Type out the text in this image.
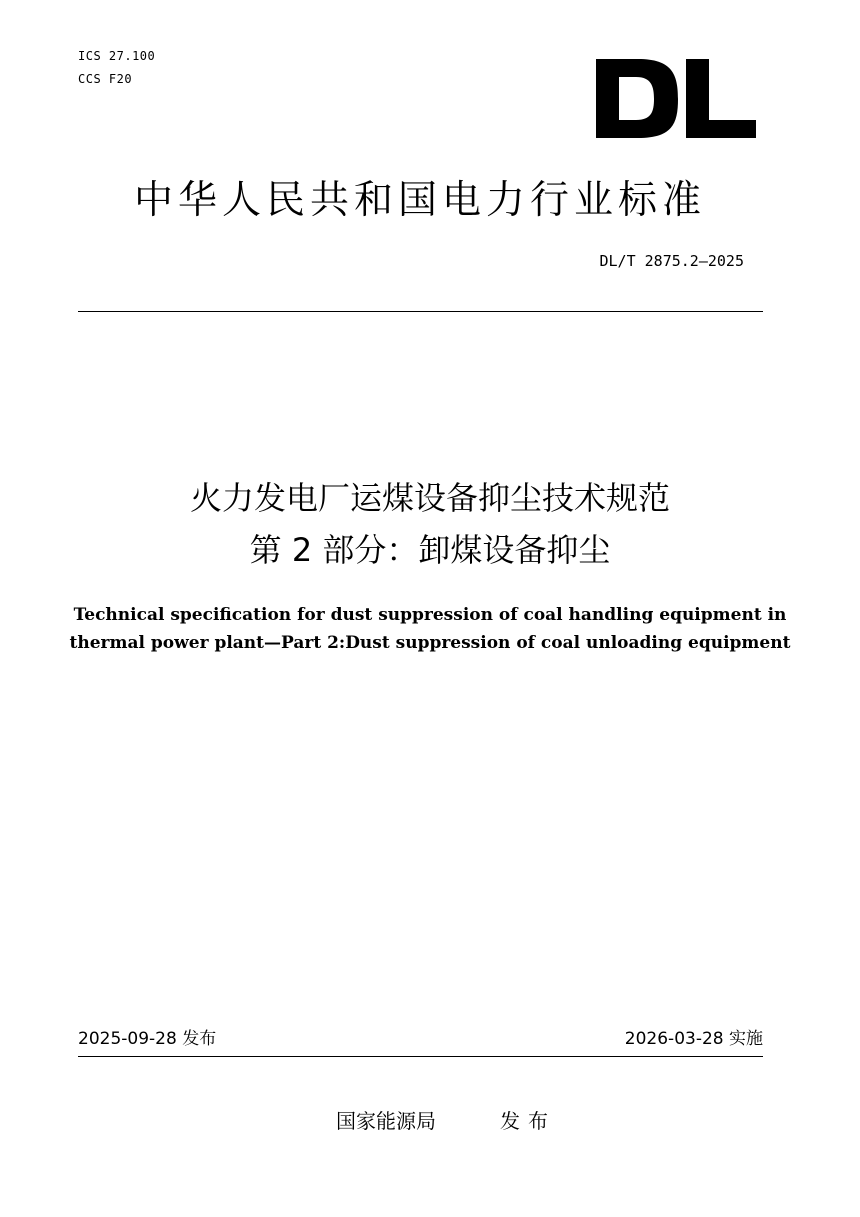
ICS 27.100
CCS F20
中华人民共和国电力行业标准
DL/T 2875.2—2025
火力发电厂运煤设备抑尘技术规范
第 2 部分：卸煤设备抑尘
Technical specification for dust suppression of coal handling equipment in
thermal power plant—Part 2:Dust suppression of coal unloading equipment
2025-09-28 发布	2026-03-28 实施
国家能源局	发布
